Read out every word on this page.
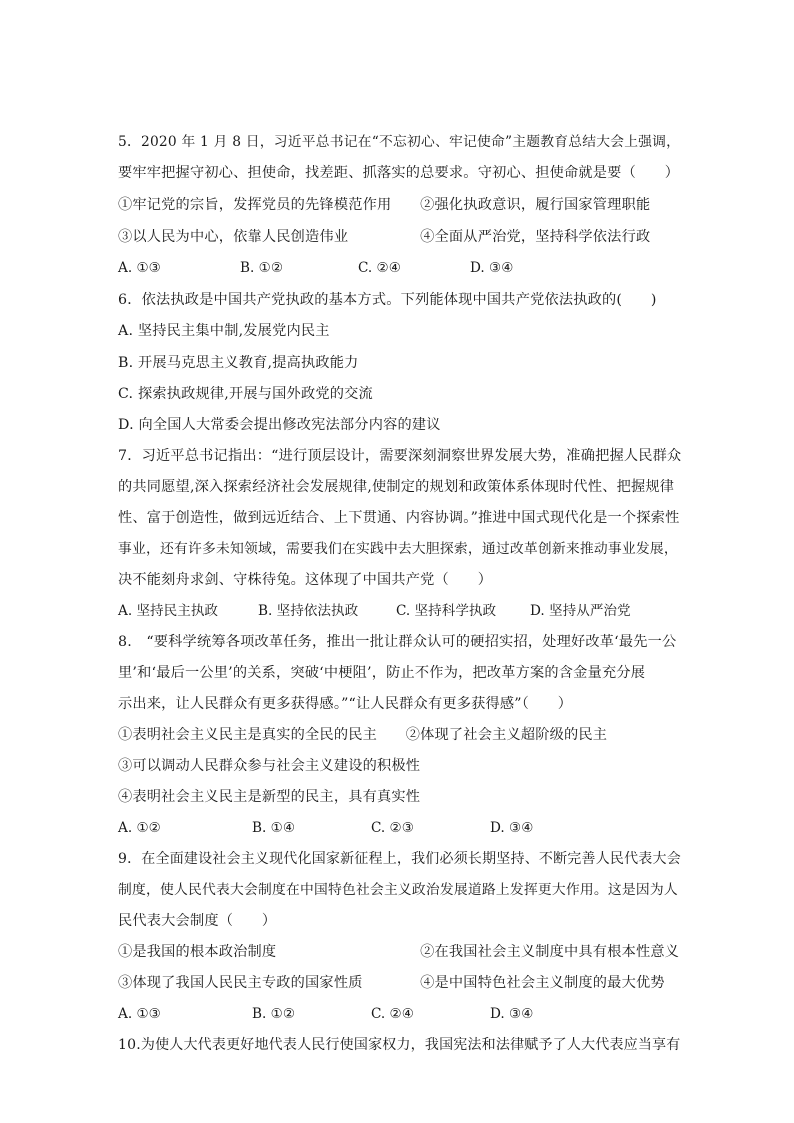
5．2020 年 1 月 8 日，习近平总书记在“不忘初心、牢记使命”主题教育总结大会上强调，
要牢牢把握守初心、担使命，找差距、抓落实的总要求。守初心、担使命就是要（　　）
①牢记党的宗旨，发挥党员的先锋模范作用　　②强化执政意识，履行国家管理职能
③以人民为中心，依靠人民创造伟业　　　　　④全面从严治党，坚持科学依法行政
A. ①③	B. ①②	C. ②④	D. ③④
6．依法执政是中国共产党执政的基本方式。下列能体现中国共产党依法执政的(　　)
A. 坚持民主集中制,发展党内民主
B. 开展马克思主义教育,提高执政能力
C. 探索执政规律,开展与国外政党的交流
D. 向全国人大常委会提出修改宪法部分内容的建议
7．习近平总书记指出：“进行顶层设计，需要深刻洞察世界发展大势，准确把握人民群众
的共同愿望,深入探索经济社会发展规律,使制定的规划和政策体系体现时代性、把握规律
性、富于创造性，做到远近结合、上下贯通、内容协调。”推进中国式现代化是一个探索性
事业，还有许多未知领域，需要我们在实践中去大胆探索，通过改革创新来推动事业发展，
决不能刻舟求剑、守株待兔。这体现了中国共产党（　　）
A. 坚持民主执政	B. 坚持依法执政	C. 坚持科学执政 D. 坚持从严治党
8.　“要科学统筹各项改革任务，推出一批让群众认可的硬招实招，处理好改革‘最先一公
里’和‘最后一公里’的关系，突破‘中梗阻’，防止不作为，把改革方案的含金量充分展
示出来，让人民群众有更多获得感。”“让人民群众有更多获得感”（　　）
①表明社会主义民主是真实的全民的民主　　②体现了社会主义超阶级的民主
③可以调动人民群众参与社会主义建设的积极性
④表明社会主义民主是新型的民主，具有真实性
A. ①②	B. ①④	C. ②③	D. ③④
9．在全面建设社会主义现代化国家新征程上，我们必须长期坚持、不断完善人民代表大会
制度，使人民代表大会制度在中国特色社会主义政治发展道路上发挥更大作用。这是因为人
民代表大会制度（　　）
①是我国的根本政治制度　　　　　　　　　　②在我国社会主义制度中具有根本性意义
③体现了我国人民民主专政的国家性质　　　　④是中国特色社会主义制度的最大优势
A. ①③	B. ①②	C. ②④	D. ③④
10.为使人大代表更好地代表人民行使国家权力，我国宪法和法律赋予了人大代表应当享有
